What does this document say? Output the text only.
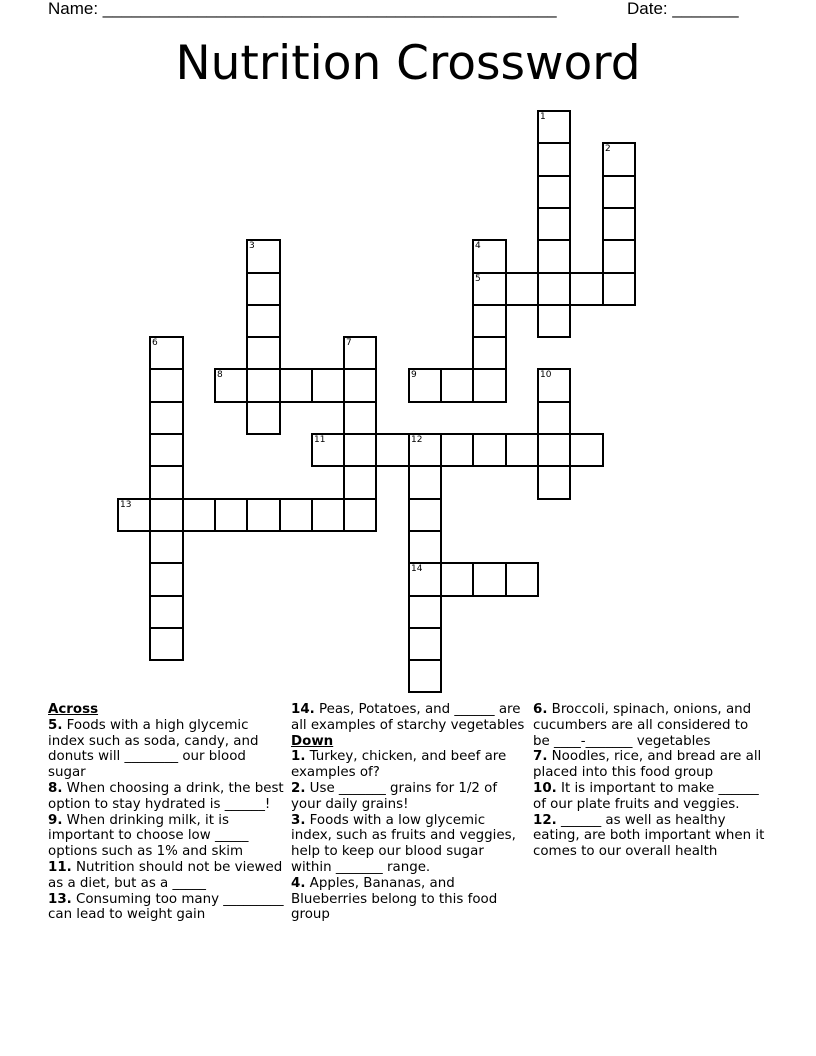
Name: ________________________________________________	Date: _______
Nutrition Crossword
1
2
3	4
5
6	7
8	9	10
11	12
14
13
Across
5. Foods with a high glycemic index such as soda, candy, and donuts will ________ our blood sugar
8. When choosing a drink, the best option to stay hydrated is ______!
9. When drinking milk, it is important to choose low _____ options such as 1% and skim
11. Nutrition should not be viewed as a diet, but as a _____
13. Consuming too many _________ can lead to weight gain
14. Peas, Potatoes, and ______ are all examples of starchy vegetables
Down
1. Turkey, chicken, and beef are examples of?
2. Use _______ grains for 1/2 of your daily grains!
3. Foods with a low glycemic index, such as fruits and veggies, help to keep our blood sugar within _______ range.
4. Apples, Bananas, and Blueberries belong to this food group
6. Broccoli, spinach, onions, and cucumbers are all considered to be ____-_______ vegetables
7. Noodles, rice, and bread are all placed into this food group
10. It is important to make ______ of our plate fruits and veggies.
12. ______ as well as healthy eating, are both important when it comes to our overall health
